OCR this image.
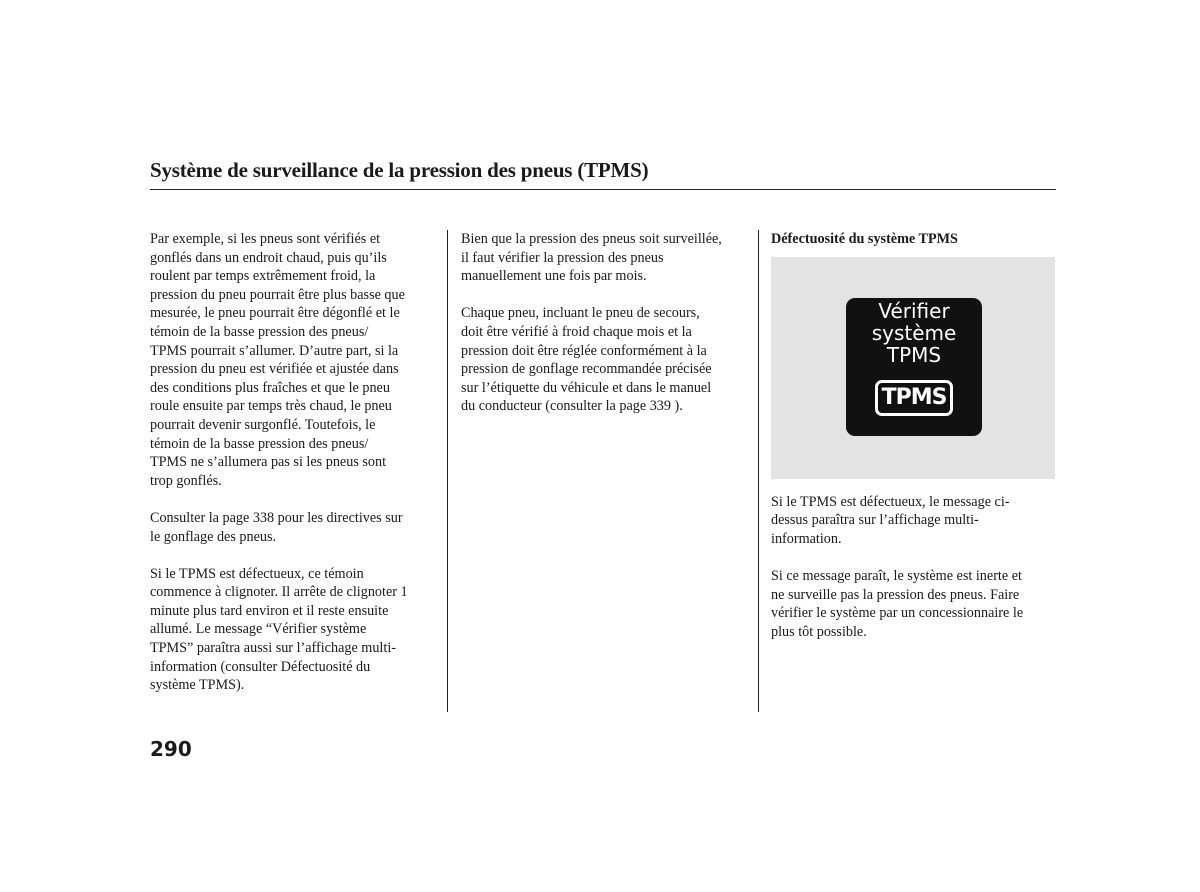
Système de surveillance de la pression des pneus (TPMS)

Par exemple, si les pneus sont vérifiés et
gonflés dans un endroit chaud, puis qu’ils
roulent par temps extrêmement froid, la
pression du pneu pourrait être plus basse que
mesurée, le pneu pourrait être dégonflé et le
témoin de la basse pression des pneus/
TPMS pourrait s’allumer. D’autre part, si la
pression du pneu est vérifiée et ajustée dans
des conditions plus fraîches et que le pneu
roule ensuite par temps très chaud, le pneu
pourrait devenir surgonflé. Toutefois, le
témoin de la basse pression des pneus/
TPMS ne s’allumera pas si les pneus sont
trop gonflés.

Consulter la page 338 pour les directives sur
le gonflage des pneus.

Si le TPMS est défectueux, ce témoin
commence à clignoter. Il arrête de clignoter 1
minute plus tard environ et il reste ensuite
allumé. Le message “Vérifier système
TPMS” paraîtra aussi sur l’affichage multi-
information (consulter Défectuosité du
système TPMS).

Bien que la pression des pneus soit surveillée,
il faut vérifier la pression des pneus
manuellement une fois par mois.

Chaque pneu, incluant le pneu de secours,
doit être vérifié à froid chaque mois et la
pression doit être réglée conformément à la
pression de gonflage recommandée précisée
sur l’étiquette du véhicule et dans le manuel
du conducteur (consulter la page 339 ).

Défectuosité du système TPMS
Vérifier
système
TPMS
TPMS

Si le TPMS est défectueux, le message ci-
dessus paraîtra sur l’affichage multi-
information.

Si ce message paraît, le système est inerte et
ne surveille pas la pression des pneus. Faire
vérifier le système par un concessionnaire le
plus tôt possible.

290
